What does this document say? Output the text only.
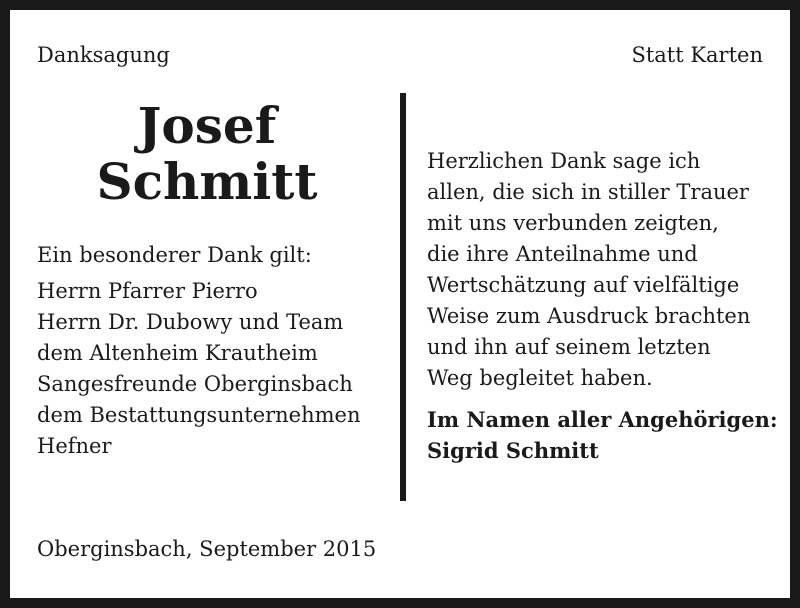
Danksagung	Statt Karten
Josef
Schmitt
Ein besonderer Dank gilt:
Herrn Pfarrer Pierro
Herrn Dr. Dubowy und Team
dem Altenheim Krautheim
Sangesfreunde Oberginsbach
dem Bestattungsunternehmen
Hefner
Oberginsbach, September 2015
Herzlichen Dank sage ich
allen, die sich in stiller Trauer
mit uns verbunden zeigten,
die ihre Anteilnahme und
Wertschätzung auf vielfältige
Weise zum Ausdruck brachten
und ihn auf seinem letzten
Weg begleitet haben.
Im Namen aller Angehörigen:
Sigrid Schmitt
